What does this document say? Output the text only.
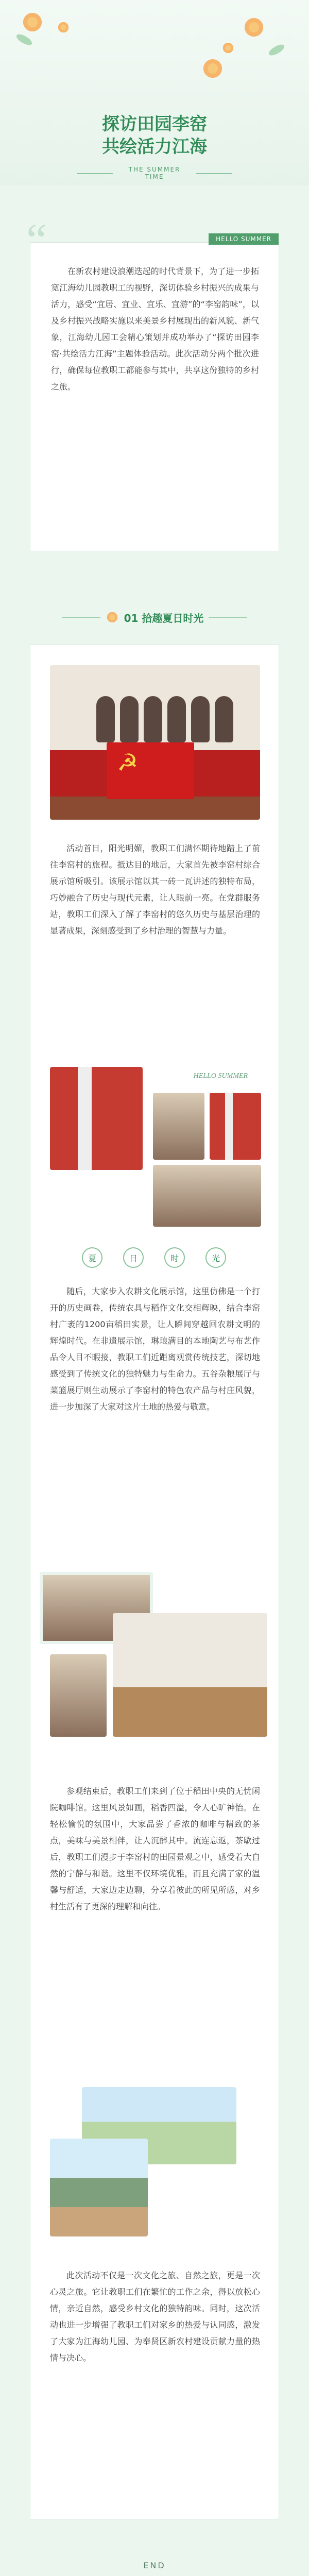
探访田园李窑
共绘活力江海
THE SUMMER TIME
“	HELLO SUMMER

在新农村建设浪潮迭起的时代背景下，为了进一步拓宽江海幼儿园教职工的视野，深切体验乡村振兴的成果与活力，感受“宜居、宜业、宜乐、宜游”的“李窑韵味”，以及乡村振兴战略实施以来美景乡村展现出的新风貌、新气象，江海幼儿园工会精心策划并成功举办了“探访田园李窑·共绘活力江海”主题体验活动。此次活动分两个批次进行，确保每位教职工都能参与其中，共享这份独特的乡村之旅。

01 拾趣夏日时光
☭

活动首日，阳光明媚，教职工们满怀期待地踏上了前往李窑村的旅程。抵达目的地后，大家首先被李窑村综合展示馆所吸引。该展示馆以其一砖一瓦讲述的独特布局，巧妙融合了历史与现代元素，让人眼前一亮。在党群服务站，教职工们深入了解了李窑村的悠久历史与基层治理的显著成果，深刻感受到了乡村治理的智慧与力量。

HELLO SUMMER
夏	日	时	光

随后，大家步入农耕文化展示馆，这里仿佛是一个打开的历史画卷，传统农具与稻作文化交相辉映，结合李窑村广袤的1200亩稻田实景，让人瞬间穿越回农耕文明的辉煌时代。在非遗展示馆，琳琅满目的本地陶艺与布艺作品令人目不暇接，教职工们近距离观赏传统技艺，深切地感受到了传统文化的独特魅力与生命力。五谷杂粮展厅与菜篮展厅则生动展示了李窑村的特色农产品与村庄风貌，进一步加深了大家对这片土地的热爱与敬意。

参观结束后，教职工们来到了位于稻田中央的无忧闲院咖啡馆。这里风景如画，稻香四溢，令人心旷神怡。在轻松愉悦的氛围中，大家品尝了香浓的咖啡与精致的茶点，美味与美景相伴，让人沉醉其中。流连忘返，茶歇过后，教职工们漫步于李窑村的田园景观之中，感受着大自然的宁静与和谐。这里不仅环境优雅，而且充满了家的温馨与舒适，大家边走边聊，分享着彼此的所见所感，对乡村生活有了更深的理解和向往。

此次活动不仅是一次文化之旅、自然之旅，更是一次心灵之旅。它让教职工们在繁忙的工作之余，得以放松心情，亲近自然，感受乡村文化的独特韵味。同时，这次活动也进一步增强了教职工们对家乡的热爱与认同感，激发了大家为江海幼儿园、为奉贤区新农村建设贡献力量的热情与决心。

END
